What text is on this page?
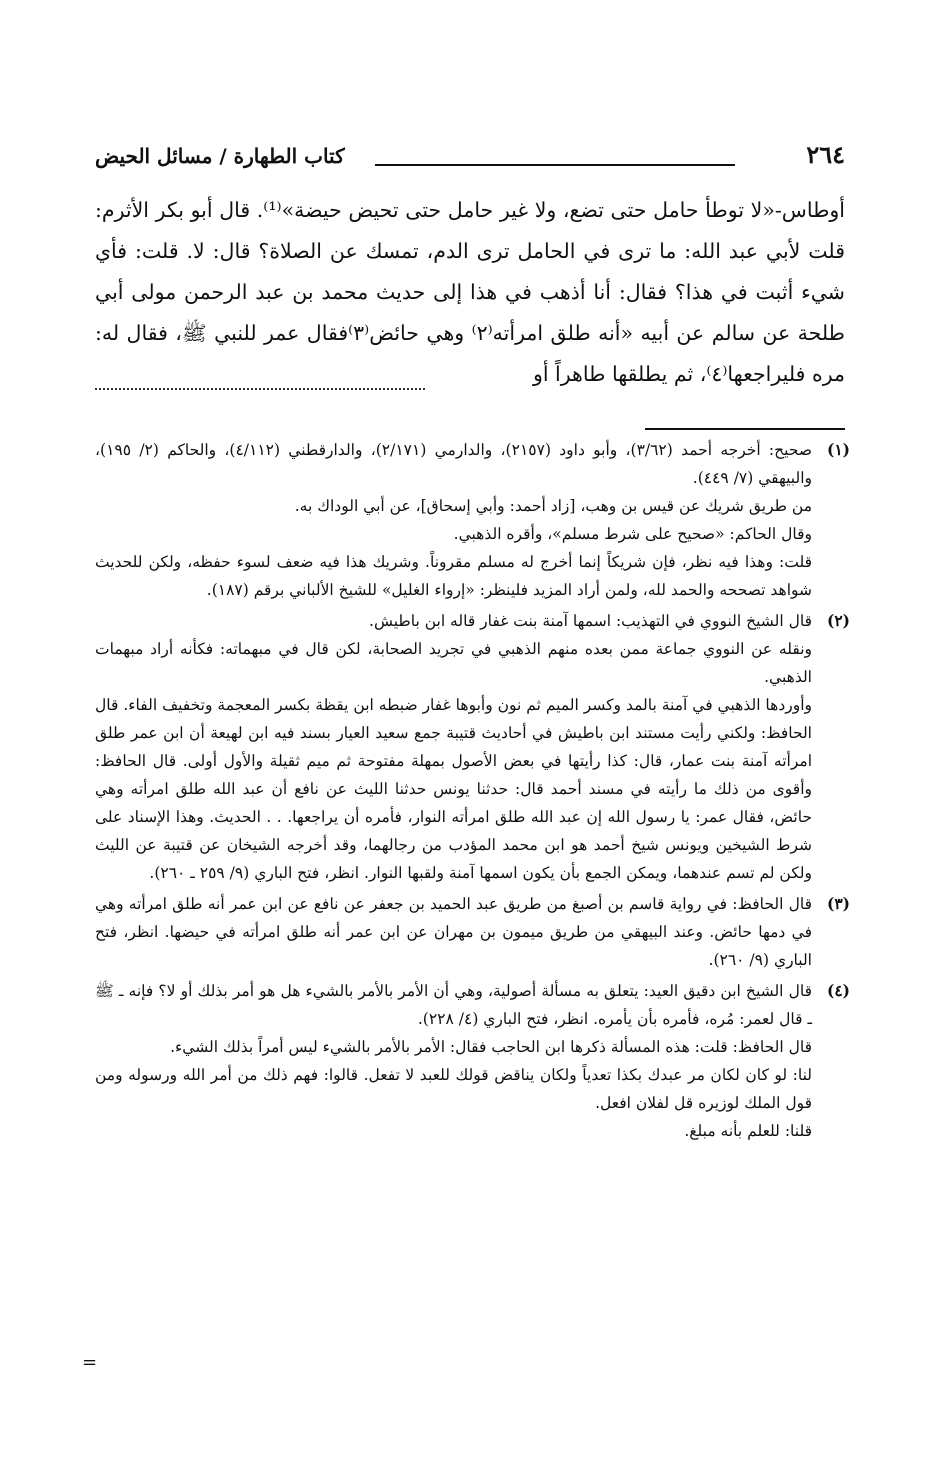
٢٦٤
كتاب الطهارة / مسائل الحيض

أوطاس-«لا توطأ حامل حتى تضع، ولا غير حامل حتى تحيض حيضة»⁽¹⁾. قال أبو بكر الأثرم: قلت لأبي عبد الله: ما ترى في الحامل ترى الدم، تمسك عن الصلاة؟ قال: لا. قلت: فأي شيء أثبت في هذا؟ فقال: أنا أذهب في هذا إلى حديث محمد بن عبد الرحمن مولى أبي طلحة عن سالم عن أبيه «أنه طلق امرأته⁽٢⁾ وهي حائض⁽٣⁾فقال عمر للنبي ﷺ، فقال له: مره فليراجعها⁽٤⁾، ثم يطلقها طاهراً أو

(١)

صحيح: أخرجه أحمد (٣/٦٢)، وأبو داود (٢١٥٧)، والدارمي (٢/١٧١)، والدارقطني (٤/١١٢)، والحاكم (٢/ ١٩٥)، والبيهقي (٧/ ٤٤٩).

من طريق شريك عن قيس بن وهب، [زاد أحمد: وأبي إسحاق]، عن أبي الوداك به.

وقال الحاكم: «صحيح على شرط مسلم»، وأقره الذهبي.

قلت: وهذا فيه نظر، فإن شريكاً إنما أخرج له مسلم مقروناً. وشريك هذا فيه ضعف لسوء حفظه، ولكن للحديث شواهد تصححه والحمد لله، ولمن أراد المزيد فلينظر: «إرواء الغليل» للشيخ الألباني برقم (١٨٧).

(٢)

قال الشيخ النووي في التهذيب: اسمها آمنة بنت غفار قاله ابن باطيش.

ونقله عن النووي جماعة ممن بعده منهم الذهبي في تجريد الصحابة، لكن قال في مبهماته: فكأنه أراد مبهمات الذهبي.

وأوردها الذهبي في آمنة بالمد وكسر الميم ثم نون وأبوها غفار ضبطه ابن يقظة بكسر المعجمة وتخفيف الفاء. قال الحافظ: ولكني رأيت مستند ابن باطيش في أحاديث قتيبة جمع سعيد العيار بسند فيه ابن لهيعة أن ابن عمر طلق امرأته آمنة بنت عمار، قال: كذا رأيتها في بعض الأصول بمهلة مفتوحة ثم ميم ثقيلة والأول أولى. قال الحافظ: وأقوى من ذلك ما رأيته في مسند أحمد قال: حدثنا يونس حدثنا الليث عن نافع أن عبد الله طلق امرأته وهي حائض، فقال عمر: يا رسول الله إن عبد الله طلق امرأته النوار، فأمره أن يراجعها. . . الحديث. وهذا الإسناد على شرط الشيخين ويونس شيخ أحمد هو ابن محمد المؤدب من رجالهما، وقد أخرجه الشيخان عن قتيبة عن الليث ولكن لم تسم عندهما، ويمكن الجمع بأن يكون اسمها آمنة ولقبها النوار. انظر، فتح الباري (٩/ ٢٥٩ ـ ٢٦٠).

(٣)

قال الحافظ: في رواية قاسم بن أصبغ من طريق عبد الحميد بن جعفر عن نافع عن ابن عمر أنه طلق امرأته وهي في دمها حائض. وعند البيهقي من طريق ميمون بن مهران عن ابن عمر أنه طلق امرأته في حيضها. انظر، فتح الباري (٩/ ٢٦٠).

(٤)

قال الشيخ ابن دقيق العيد: يتعلق به مسألة أصولية، وهي أن الأمر بالأمر بالشيء هل هو أمر بذلك أو لا؟ فإنه ـ ﷺ ـ قال لعمر: مُره، فأمره بأن يأمره. انظر، فتح الباري (٤/ ٢٢٨).

قال الحافظ: قلت: هذه المسألة ذكرها ابن الحاجب فقال: الأمر بالأمر بالشيء ليس أمراً بذلك الشيء.

لنا: لو كان لكان مر عبدك بكذا تعدياً ولكان يناقض قولك للعبد لا تفعل. قالوا: فهم ذلك من أمر الله ورسوله ومن قول الملك لوزيره قل لفلان افعل.

قلنا: للعلم بأنه مبلغ.

=
